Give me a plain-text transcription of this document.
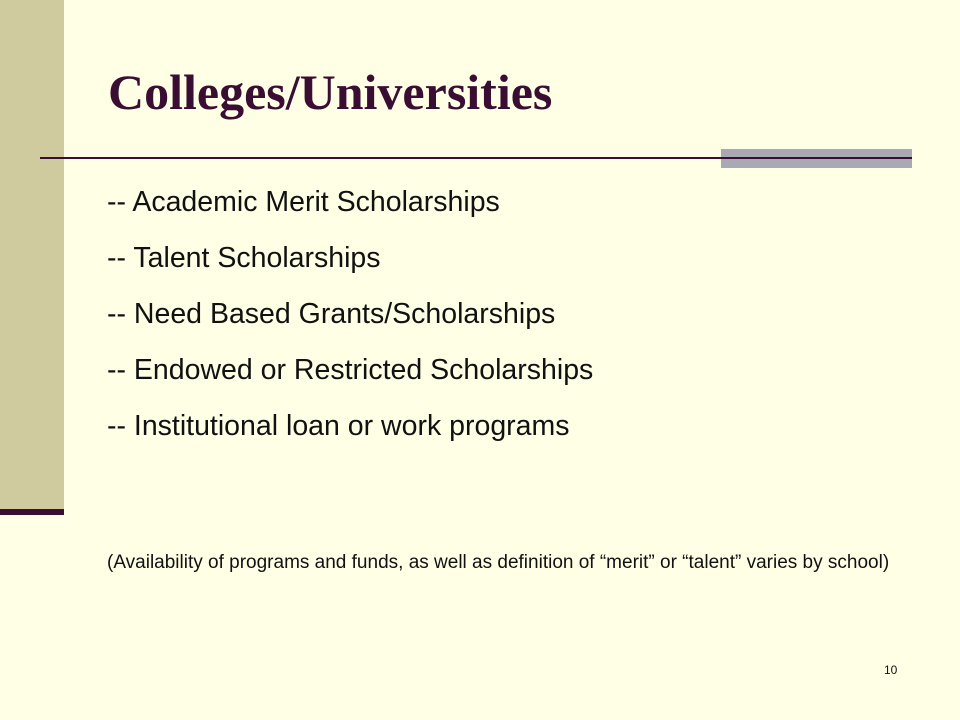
Colleges/Universities
-- Academic Merit Scholarships
-- Talent Scholarships
-- Need Based Grants/Scholarships
-- Endowed or Restricted Scholarships
-- Institutional loan or work programs

(Availability of programs and funds, as well as definition of “merit” or “talent” varies by school)

10
